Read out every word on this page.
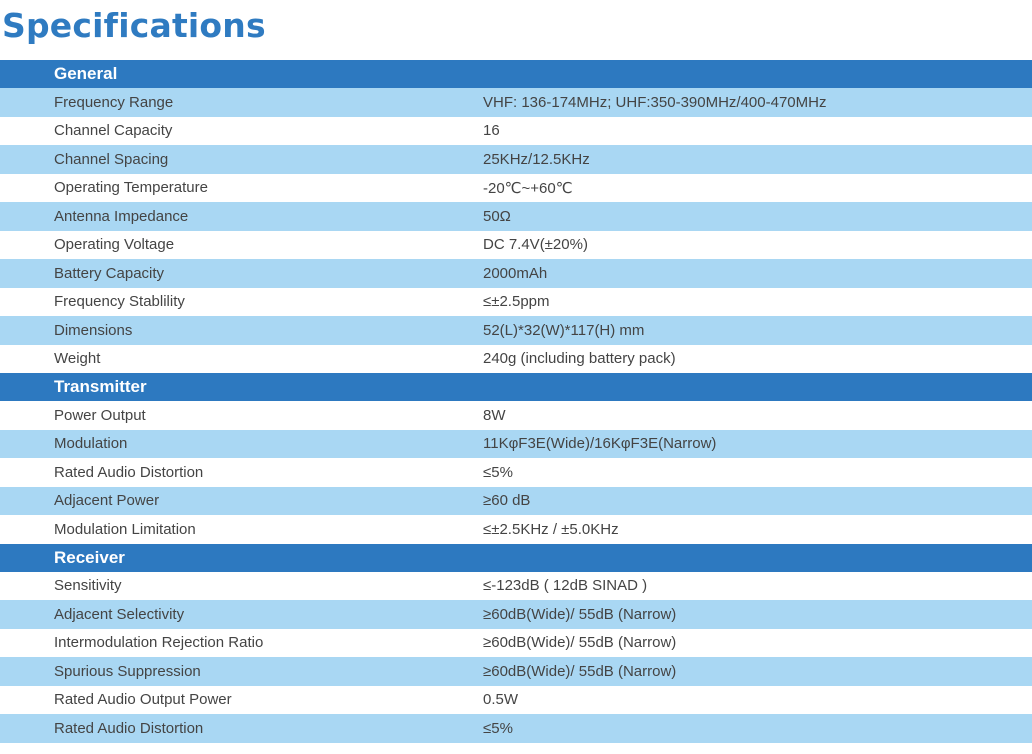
Specifications
General
Frequency Range	VHF: 136-174MHz; UHF:350-390MHz/400-470MHz
Channel Capacity	16
Channel Spacing	25KHz/12.5KHz
Operating Temperature	-20℃~+60℃
Antenna Impedance	50Ω
Operating Voltage	DC 7.4V(±20%)
Battery Capacity	2000mAh
Frequency Stablility	≤±2.5ppm
Dimensions	52(L)*32(W)*117(H) mm
Weight	240g (including battery pack)
Transmitter
Power Output	8W
Modulation	11KφF3E(Wide)/16KφF3E(Narrow)
Rated Audio Distortion	≤5%
Adjacent Power	≥60 dB
Modulation Limitation	≤±2.5KHz / ±5.0KHz
Receiver
Sensitivity	≤-123dB ( 12dB SINAD )
Adjacent Selectivity	≥60dB(Wide)/ 55dB (Narrow)
Intermodulation Rejection Ratio	≥60dB(Wide)/ 55dB (Narrow)
Spurious Suppression	≥60dB(Wide)/ 55dB (Narrow)
Rated Audio Output Power	0.5W
Rated Audio Distortion	≤5%
